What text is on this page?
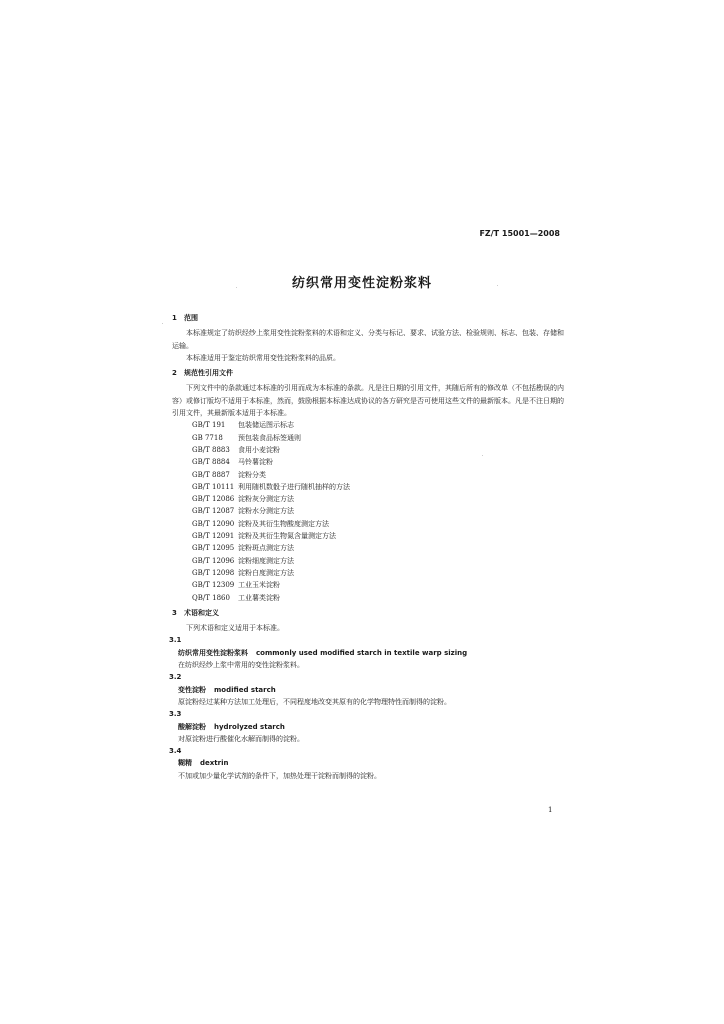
FZ/T 15001—2008
纺织常用变性淀粉浆料
1 范围
本标准规定了纺织经纱上浆用变性淀粉浆料的术语和定义、分类与标记、要求、试验方法、检验规则、标志、包装、存储和运输。
本标准适用于鉴定纺织常用变性淀粉浆料的品质。
2 规范性引用文件
下列文件中的条款通过本标准的引用而成为本标准的条款。凡是注日期的引用文件，其随后所有的修改单（不包括勘误的内容）或修订版均不适用于本标准，然而，鼓励根据本标准达成协议的各方研究是否可使用这些文件的最新版本。凡是不注日期的引用文件，其最新版本适用于本标准。
GB/T 191 包装储运图示标志
GB 7718 预包装食品标签通则
GB/T 8883 食用小麦淀粉
GB/T 8884 马铃薯淀粉
GB/T 8887 淀粉分类
GB/T 10111 利用随机数骰子进行随机抽样的方法
GB/T 12086 淀粉灰分测定方法
GB/T 12087 淀粉水分测定方法
GB/T 12090 淀粉及其衍生物酸度测定方法
GB/T 12091 淀粉及其衍生物氮含量测定方法
GB/T 12095 淀粉斑点测定方法
GB/T 12096 淀粉细度测定方法
GB/T 12098 淀粉白度测定方法
GB/T 12309 工业玉米淀粉
QB/T 1860 工业薯类淀粉
3 术语和定义
下列术语和定义适用于本标准。
3.1
纺织常用变性淀粉浆料 commonly used modified starch in textile warp sizing
在纺织经纱上浆中常用的变性淀粉浆料。
3.2
变性淀粉 modified starch
原淀粉经过某种方法加工处理后，不同程度地改变其原有的化学物理特性而制得的淀粉。
3.3
酸解淀粉 hydrolyzed starch
对原淀粉进行酸催化水解而制得的淀粉。
3.4
糊精 dextrin
不加或加少量化学试剂的条件下，加热处理干淀粉而制得的淀粉。
1
